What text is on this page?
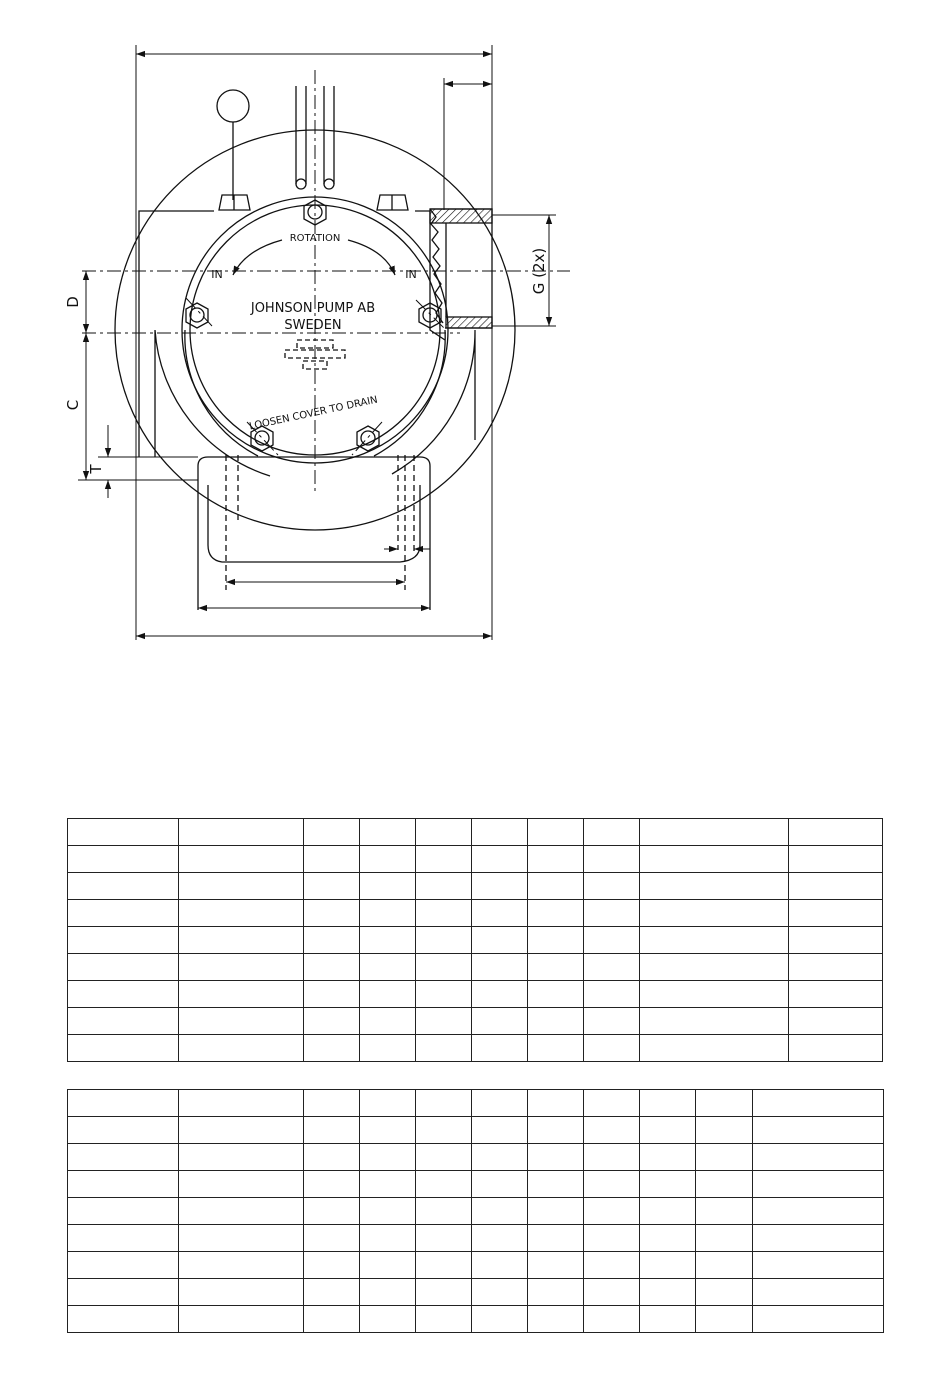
D
C
T
G (2x)
ROTATION
IN	IN
JOHNSON PUMP AB
SWEDEN
LOOSEN COVER TO DRAIN
